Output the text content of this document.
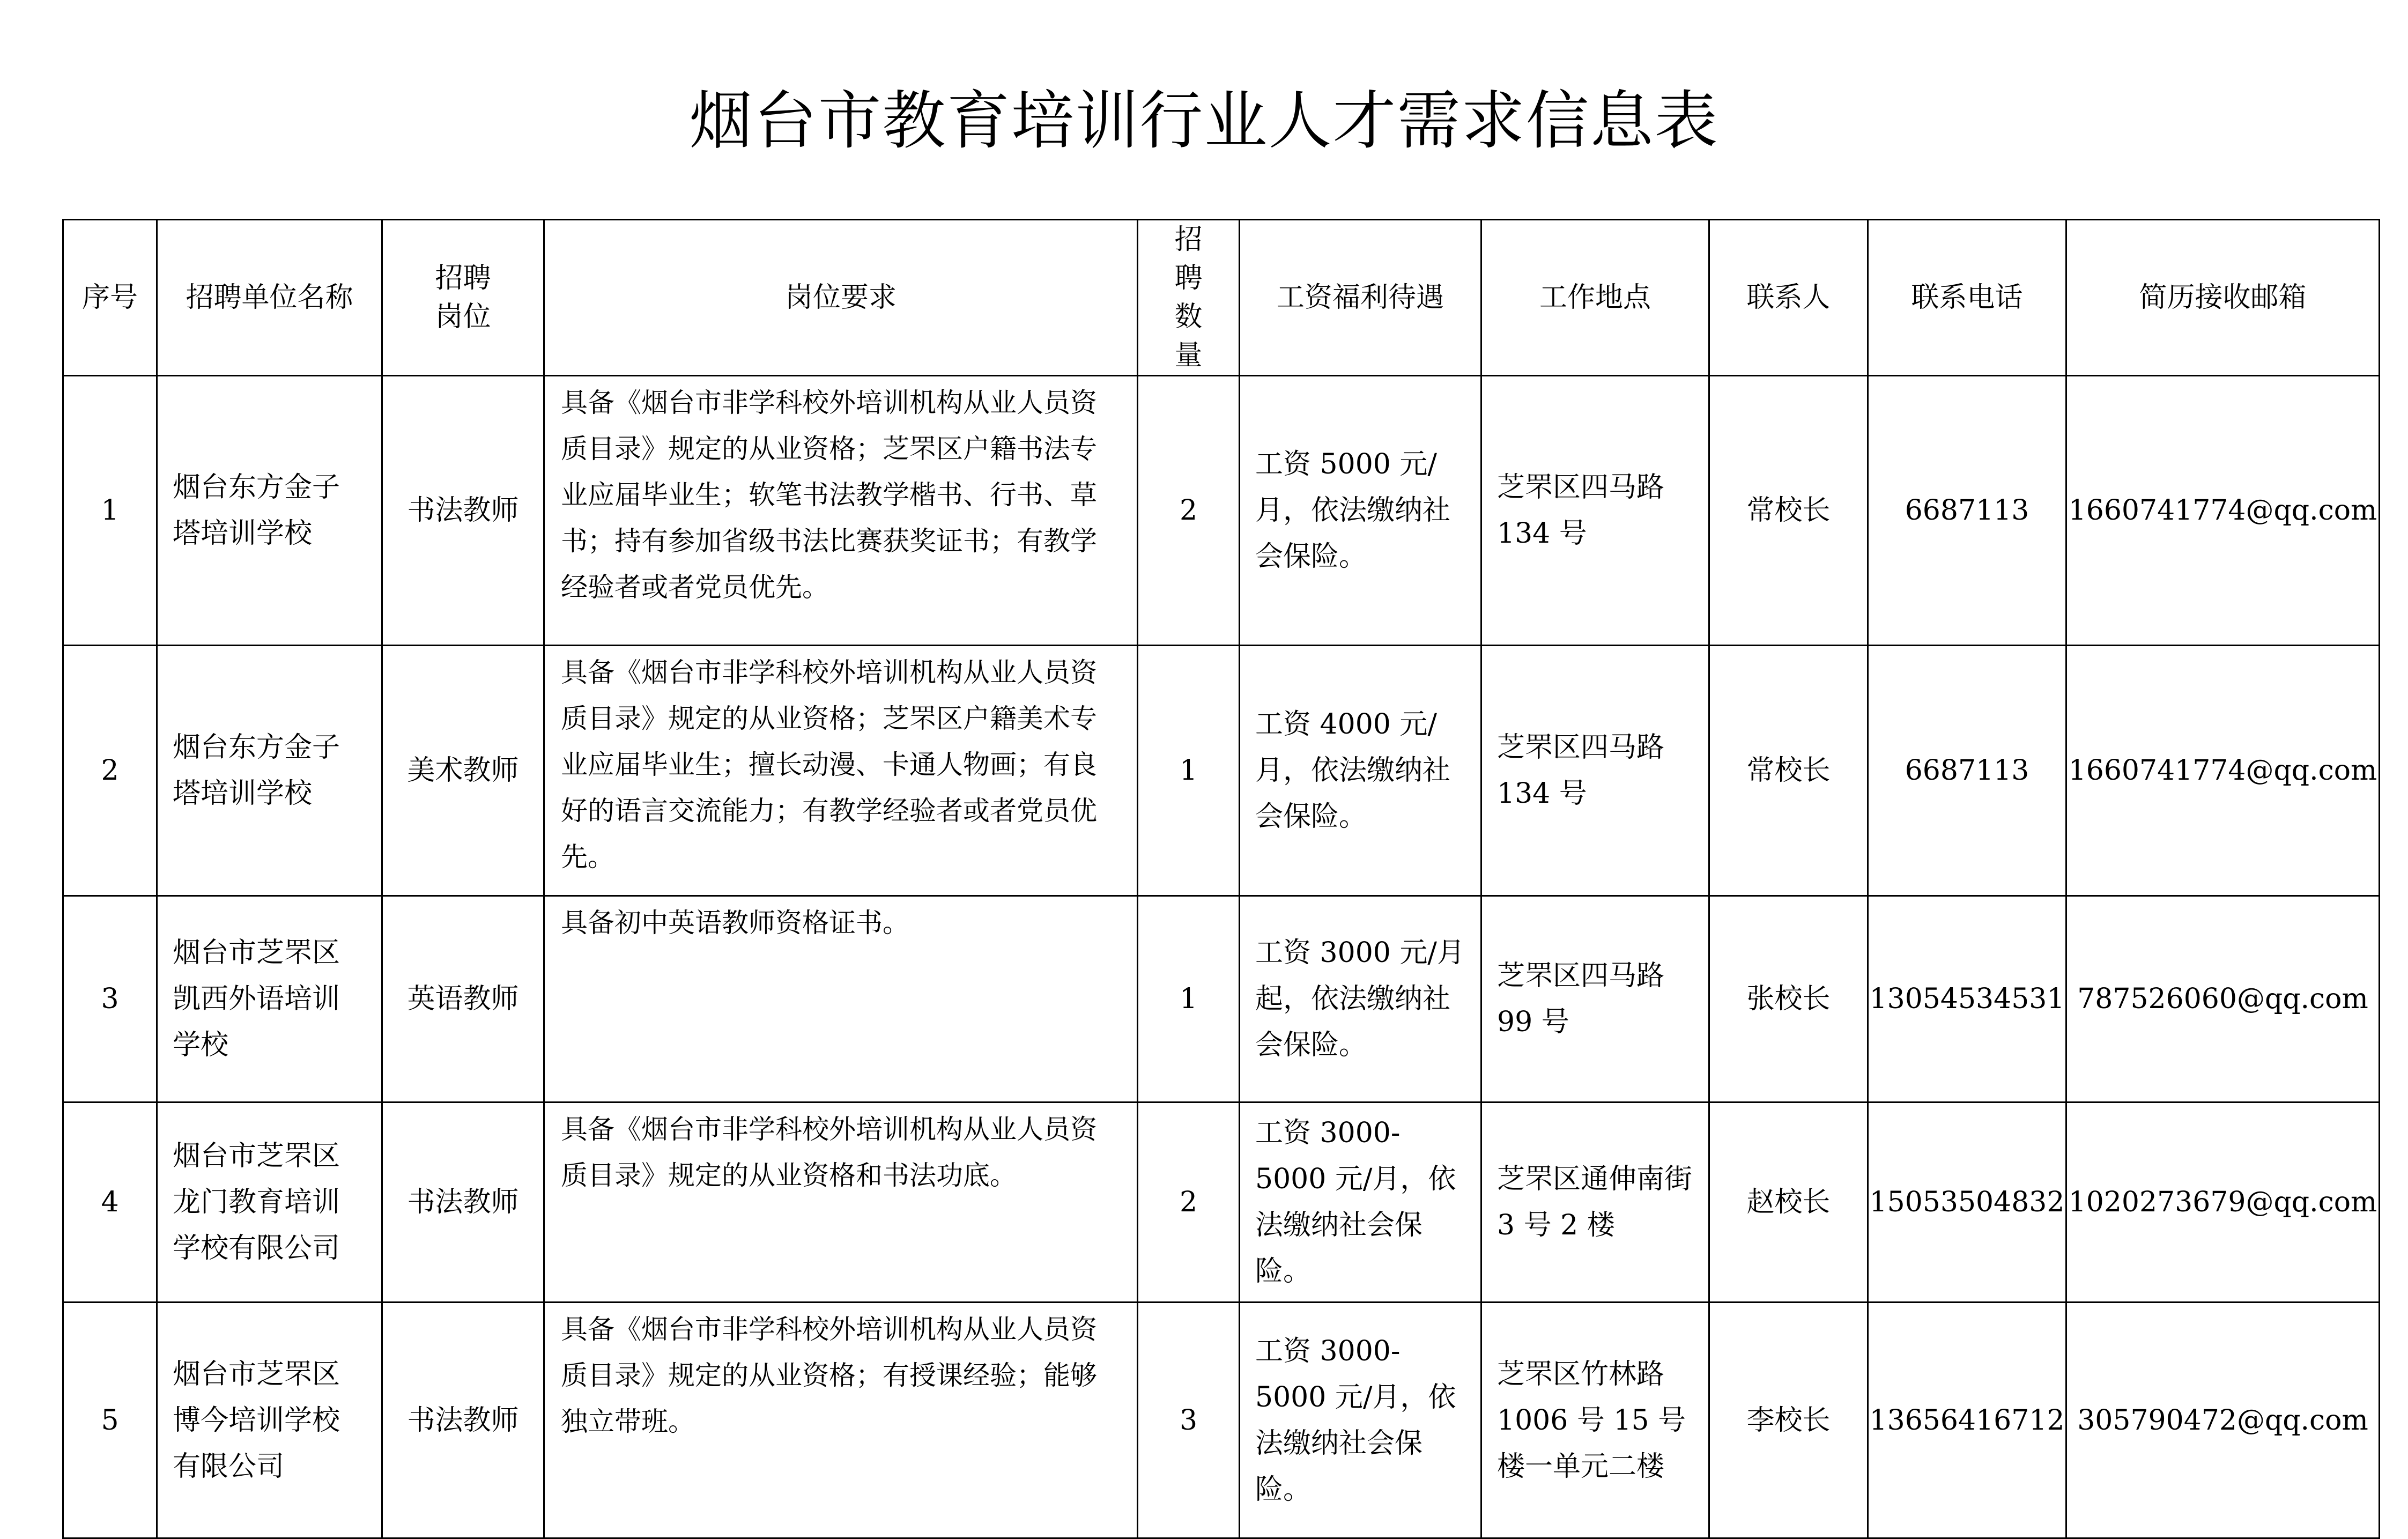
烟台市教育培训行业人才需求信息表
序号	招聘单位名称	招聘岗位	岗位要求	招聘数量	工资福利待遇	工作地点	联系人	联系电话	简历接收邮箱
1	烟台东方金子塔培训学校	书法教师	具备《烟台市非学科校外培训机构从业人员资质目录》规定的从业资格；芝罘区户籍书法专业应届毕业生；软笔书法教学楷书、行书、草书；持有参加省级书法比赛获奖证书；有教学经验者或者党员优先。	2	工资 5000 元/月，依法缴纳社会保险。	芝罘区四马路 134 号	常校长	6687113	1660741774@qq.com
2	烟台东方金子塔培训学校	美术教师	具备《烟台市非学科校外培训机构从业人员资质目录》规定的从业资格；芝罘区户籍美术专业应届毕业生；擅长动漫、卡通人物画；有良好的语言交流能力；有教学经验者或者党员优先。	1	工资 4000 元/月，依法缴纳社会保险。	芝罘区四马路 134 号	常校长	6687113	1660741774@qq.com
3	烟台市芝罘区凯西外语培训学校	英语教师	具备初中英语教师资格证书。	1	工资 3000 元/月起，依法缴纳社会保险。	芝罘区四马路 99 号	张校长	13054534531	787526060@qq.com
4	烟台市芝罘区龙门教育培训学校有限公司	书法教师	具备《烟台市非学科校外培训机构从业人员资质目录》规定的从业资格和书法功底。	2	工资 3000-5000 元/月，依法缴纳社会保险。	芝罘区通伸南街 3 号 2 楼	赵校长	15053504832	1020273679@qq.com
5	烟台市芝罘区博今培训学校有限公司	书法教师	具备《烟台市非学科校外培训机构从业人员资质目录》规定的从业资格；有授课经验；能够独立带班。	3	工资 3000-5000 元/月，依法缴纳社会保险。	芝罘区竹林路 1006 号 15 号楼一单元二楼	李校长	13656416712	305790472@qq.com
